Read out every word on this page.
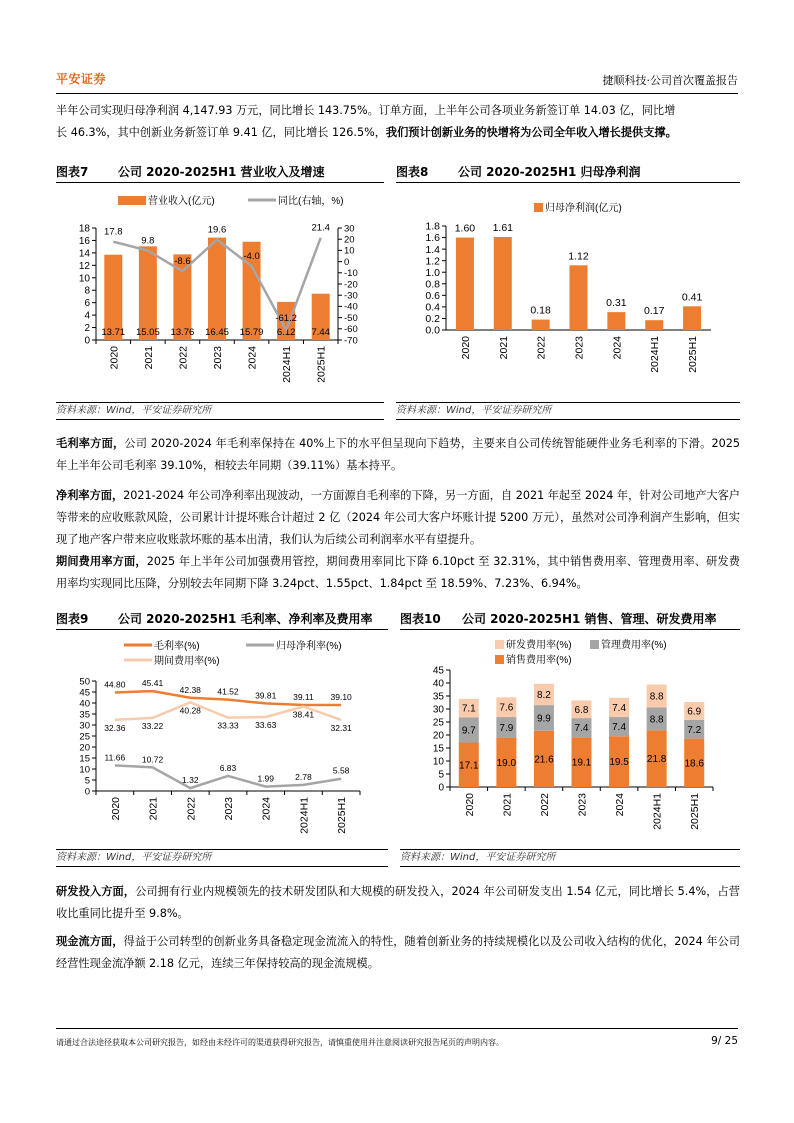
平安证券	捷顺科技·公司首次覆盖报告
半年公司实现归母净利润 4,147.93 万元，同比增长 143.75%。订单方面，上半年公司各项业务新签订单 14.03 亿，同比增
长 46.3%，其中创新业务新签订单 9.41 亿，同比增长 126.5%，我们预计创新业务的快增将为公司全年收入增长提供支撑。
图表7 公司 2020-2025H1 营业收入及增速
营业收入(亿元)	同比(右轴，%)
0
2
4
6
8
10
12
14
16
18
-70
-60
-50
-40
-30
-20
-10
0
10
20
30
2020 2021 2022 2023 2024 2024H1 2025H1
13.71 15.05 13.76 16.45 15.79 6.12 7.44
17.8
9.8
-8.6
19.6
-4.0
-61.2
21.4
资料来源：Wind，平安证券研究所
图表8 公司 2020-2025H1 归母净利润
归母净利润(亿元)
0.0
0.2
0.4
0.6
0.8
1.0
1.2
1.4
1.6
1.8
2020 2021 2022 2023 2024 2024H1 2025H1
1.60 1.61
0.18
1.12
0.31
0.17
0.41
资料来源：Wind，平安证券研究所
毛利率方面，公司 2020-2024 年毛利率保持在 40%上下的水平但呈现向下趋势，主要来自公司传统智能硬件业务毛利率的下滑。2025 年上半年公司毛利率 39.10%，相较去年同期（39.11%）基本持平。
净利率方面，2021-2024 年公司净利率出现波动，一方面源自毛利率的下降，另一方面，自 2021 年起至 2024 年，针对公司地产大客户等带来的应收账款风险，公司累计计提坏账合计超过 2 亿（2024 年公司大客户坏账计提 5200 万元），虽然对公司净利润产生影响，但实现了地产客户带来应收账款坏账的基本出清，我们认为后续公司利润率水平有望提升。
期间费用率方面，2025 年上半年公司加强费用管控，期间费用率同比下降 6.10pct 至 32.31%，其中销售费用率、管理费用率、研发费用率均实现同比压降，分别较去年同期下降 3.24pct、1.55pct、1.84pct 至 18.59%、7.23%、6.94%。
图表9 公司 2020-2025H1 毛利率、净利率及费用率
毛利率(%)	归母净利率(%)
期间费用率(%)
0
5
10
15
20
25
30
35
40
45
50
2020 2021 2022 2023 2024 2024H1 2025H1
44.80
32.36
11.66
45.41
33.22
10.72
42.38
40.28
1.32
41.52
33.33
6.83
39.81
33.63
1.99
39.11
38.41
2.78
39.10
32.31
5.58
资料来源：Wind，平安证券研究所
图表10 公司 2020-2025H1 销售、管理、研发费用率
研发费用率(%)	管理费用率(%)
销售费用率(%)
0
5
10
15
20
25
30
35
40
45
2020 2021 2022 2023 2024 2024H1 2025H1
17.1
9.7
7.1
19.0
7.9
7.6
21.6
9.9
8.2
19.1
7.4
6.8
19.5
7.4
7.4
21.8
8.8
8.8
18.6
7.2
6.9
资料来源：Wind，平安证券研究所
研发投入方面，公司拥有行业内规模领先的技术研发团队和大规模的研发投入，2024 年公司研发支出 1.54 亿元，同比增长 5.4%，占营收比重同比提升至 9.8%。
现金流方面，得益于公司转型的创新业务具备稳定现金流流入的特性，随着创新业务的持续规模化以及公司收入结构的优化，2024 年公司经营性现金流净额 2.18 亿元，连续三年保持较高的现金流规模。
请通过合法途径获取本公司研究报告，如经由未经许可的渠道获得研究报告，请慎重使用并注意阅读研究报告尾页的声明内容。	9/ 25
